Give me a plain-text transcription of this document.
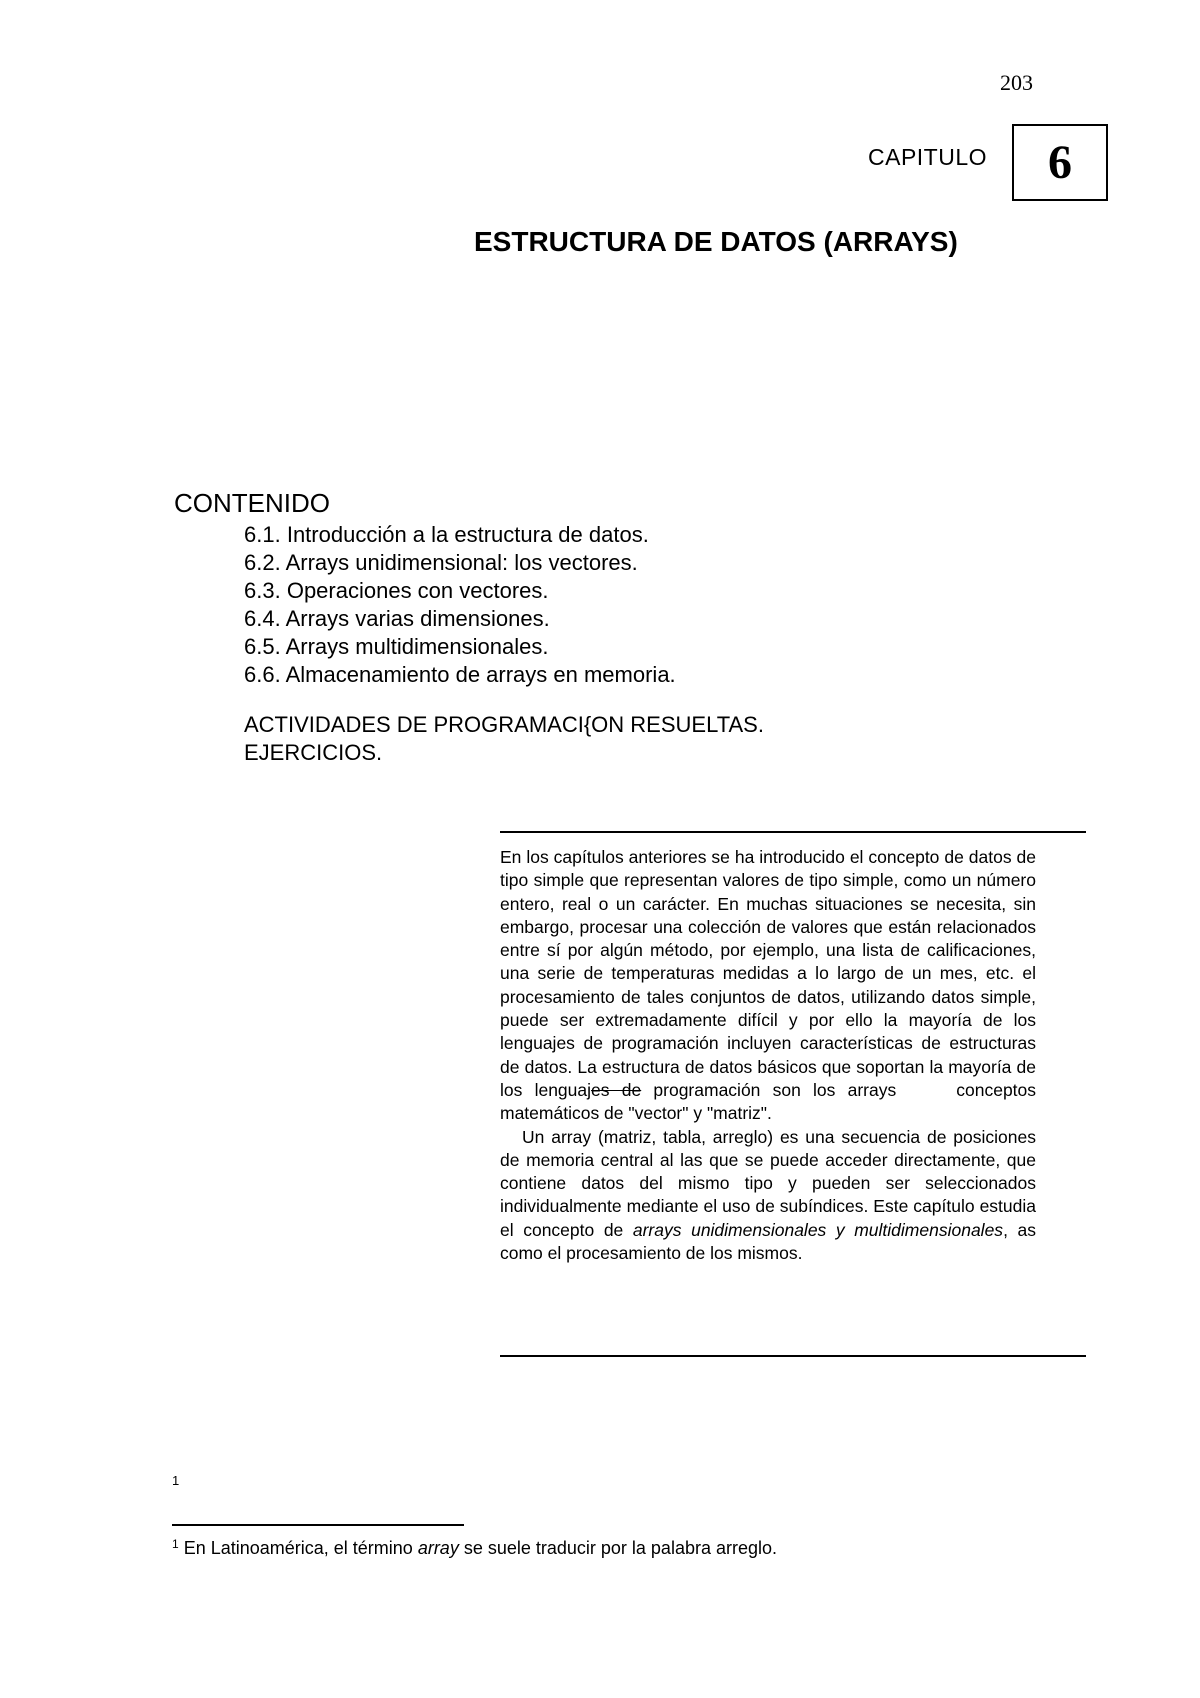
203
CAPITULO 6
ESTRUCTURA DE DATOS (ARRAYS)
CONTENIDO
6.1. Introducción a la estructura de datos.
6.2. Arrays unidimensional: los vectores.
6.3. Operaciones con vectores.
6.4. Arrays varias dimensiones.
6.5. Arrays multidimensionales.
6.6. Almacenamiento de arrays en memoria.
ACTIVIDADES DE PROGRAMACI{ON RESUELTAS.
EJERCICIOS.

En los capítulos anteriores se ha introducido el concepto de datos de tipo simple que representan valores de tipo simple, como un número entero, real o un carácter. En muchas situaciones se necesita, sin embargo, procesar una colección de valores que están relacionados entre sí por algún método, por ejemplo, una lista de calificaciones, una serie de temperaturas medidas a lo largo de un mes, etc. el procesamiento de tales conjuntos de datos, utilizando datos simple, puede ser extremadamente difícil y por ello la mayoría de los lenguajes de programación incluyen características de estructuras de datos. La estructura de datos básicos que soportan la mayoría de los lenguajes de programación son los arrays	conceptos matemáticos de "vector" y "matriz".

Un array (matriz, tabla, arreglo) es una secuencia de posiciones de memoria central al las que se puede acceder directamente, que contiene datos del mismo tipo y pueden ser seleccionados individualmente mediante el uso de subíndices. Este capítulo estudia el concepto de arrays unidimensionales y multidimensionales, as como el procesamiento de los mismos.

1
$^1$ En Latinoamérica, el término array se suele traducir por la palabra arreglo.
